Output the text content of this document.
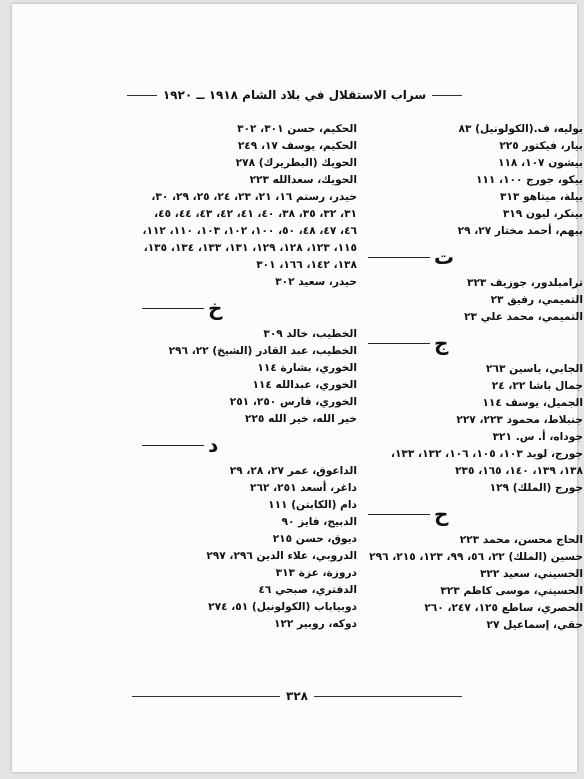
سراب الاستقلال في بلاد الشام ١٩١٨ ــ ١٩٢٠
بوليه، ف.(الكولونيل) ٨٣
بيار، فيكتور ٢٢٥
بيشون ١٠٧، ١١٨
بيكو، جورج ١٠٠، ١١١
بيلة، ميتاهو ٣١٣
بينكر، ليون ٣١٩
بيهم، أحمد مختار ٢٧، ٢٩
ت
ترامبلدور، جوزيف ٣٢٣
التميمي، رفيق ٢٣
التميمي، محمد علي ٢٣
ج
الجابي، ياسين ٢٦٣
جمال باشا ٢٢، ٢٤
الجميل، يوسف ١١٤
جنبلاط، محمود ٢٢٣، ٢٢٧
جوداه، أ. س. ٣٢١
جورج، لويد ١٠٣، ١٠٥، ١٠٦، ١٣٢، ١٣٣، ١٣٨، ١٣٩، ١٤٠، ١٦٥، ٢٣٥
جورج (الملك) ١٢٩
ح
الحاج محسن، محمد ٢٢٣
حسين (الملك) ٢٢، ٥٦، ٩٩، ١٢٣، ٢١٥، ٢٩٦
الحسيني، سعيد ٣٢٢
الحسيني، موسى كاظم ٣٢٣
الحصري، ساطع ١٢٥، ٢٤٧، ٢٦٠
حقي، إسماعيل ٢٧
الحكيم، حسن ٣٠١، ٣٠٢
الحكيم، يوسف ١٧، ٢٤٩
الحويك (البطريرك) ٢٧٨
الحويك، سعدالله ٢٢٣
حيدر، رستم ١٦، ٢١، ٢٣، ٢٤، ٢٥، ٢٩، ٣٠، ٣١، ٣٢، ٣٥، ٣٨، ٤٠، ٤١، ٤٢، ٤٣، ٤٤، ٤٥، ٤٦، ٤٧، ٤٨، ٥٠، ١٠٠، ١٠٢، ١٠٣، ١١٠، ١١٢، ١١٥، ١٢٣، ١٢٨، ١٢٩، ١٣١، ١٣٣، ١٣٤، ١٣٥، ١٣٨، ١٤٢، ١٦٦، ٣٠١
حيدر، سعيد ٣٠٢
خ
الخطيب، خالد ٣٠٩
الخطيب، عبد القادر (الشيخ) ٢٢، ٢٩٦
الخوري، بشارة ١١٤
الخوري، عبدالله ١١٤
الخوري، فارس ٢٥٠، ٢٥١
خير الله، خير الله ٢٢٥
د
الداعوق، عمر ٢٧، ٢٨، ٢٩
داغر، أسعد ٢٥١، ٢٦٢
دام (الكابتن) ١١١
الدبيج، فايز ٩٠
ديوق، حسن ٢١٥
الدروبي، علاء الدين ٢٩٦، ٢٩٧
دروزة، عزة ٣١٣
الدفتري، صبحي ٤٦
دوبياباب (الكولونيل) ٥١، ٢٧٤
دوكه، روبير ١٢٢
٣٢٨
